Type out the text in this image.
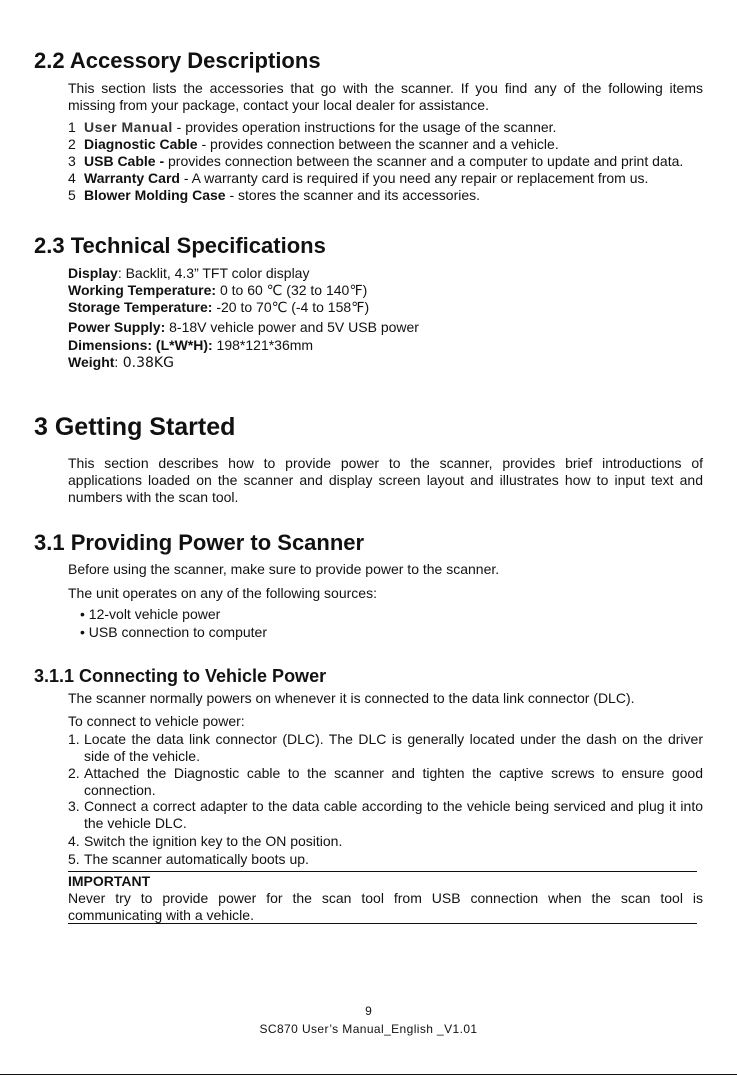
2.2 Accessory Descriptions
This section lists the accessories that go with the scanner. If you find any of the following items missing from your package, contact your local dealer for assistance.
1 User Manual - provides operation instructions for the usage of the scanner.
2 Diagnostic Cable - provides connection between the scanner and a vehicle.
3 USB Cable - provides connection between the scanner and a computer to update and print data.
4 Warranty Card - A warranty card is required if you need any repair or replacement from us.
5 Blower Molding Case - stores the scanner and its accessories.
2.3 Technical Specifications
Display: Backlit, 4.3” TFT color display
Working Temperature: 0 to 60 ℃ (32 to 140℉)
Storage Temperature: -20 to 70℃ (-4 to 158℉)
Power Supply: 8-18V vehicle power and 5V USB power
Dimensions: (L*W*H): 198*121*36mm
Weight: 0.38KG
3 Getting Started
This section describes how to provide power to the scanner, provides brief introductions of applications loaded on the scanner and display screen layout and illustrates how to input text and numbers with the scan tool.
3.1 Providing Power to Scanner
Before using the scanner, make sure to provide power to the scanner.
The unit operates on any of the following sources:
• 12-volt vehicle power
• USB connection to computer
3.1.1 Connecting to Vehicle Power
The scanner normally powers on whenever it is connected to the data link connector (DLC).
To connect to vehicle power:
1. Locate the data link connector (DLC). The DLC is generally located under the dash on the driver side of the vehicle.
2. Attached the Diagnostic cable to the scanner and tighten the captive screws to ensure good connection.
3. Connect a correct adapter to the data cable according to the vehicle being serviced and plug it into the vehicle DLC.
4. Switch the ignition key to the ON position.
5. The scanner automatically boots up.
IMPORTANT
Never try to provide power for the scan tool from USB connection when the scan tool is communicating with a vehicle.
9
SC870 User’s Manual_English _V1.01
